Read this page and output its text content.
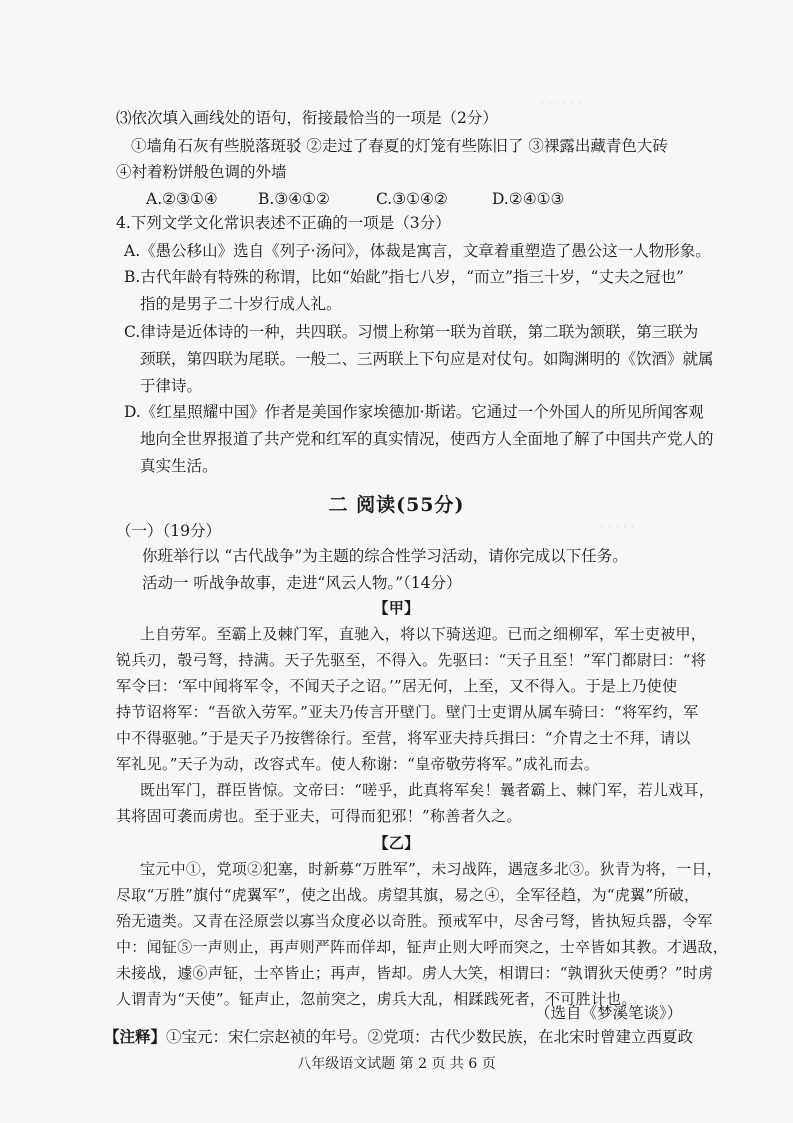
· · · · · ·
· · · · ·
⑶依次填入画线处的语句，衔接最恰当的一项是（2分）
①墙角石灰有些脱落斑驳 ②走过了春夏的灯笼有些陈旧了 ③裸露出藏青色大砖
④衬着粉饼般色调的外墙
A.②③①④	B.③④①②	C.③①④②	D.②④①③
4.下列文学文化常识表述不正确的一项是（3分）
A.《愚公移山》选自《列子·汤问》，体裁是寓言，文章着重塑造了愚公这一人物形象。
B.古代年龄有特殊的称谓，比如“始龀”指七八岁，“而立”指三十岁，“丈夫之冠也”
指的是男子二十岁行成人礼。
C.律诗是近体诗的一种，共四联。习惯上称第一联为首联，第二联为颔联，第三联为
颈联，第四联为尾联。一般二、三两联上下句应是对仗句。如陶渊明的《饮酒》就属
于律诗。
D.《红星照耀中国》作者是美国作家埃德加·斯诺。它通过一个外国人的所见所闻客观
地向全世界报道了共产党和红军的真实情况，使西方人全面地了解了中国共产党人的
真实生活。
二 阅读(55分)
（一）（19分）
你班举行以 “古代战争”为主题的综合性学习活动，请你完成以下任务。
活动一 听战争故事，走进“风云人物。”（14分）
【甲】
上自劳军。至霸上及棘门军，直驰入，将以下骑送迎。已而之细柳军，军士吏被甲，
锐兵刃，彀弓弩，持满。天子先驱至，不得入。先驱曰：“天子且至！”军门都尉曰：“将
军令曰：‘军中闻将军令，不闻天子之诏。’”居无何，上至，又不得入。于是上乃使使
持节诏将军：“吾欲入劳军。”亚夫乃传言开壁门。壁门士吏谓从属车骑曰：“将军约，军
中不得驱驰。”于是天子乃按辔徐行。至营，将军亚夫持兵揖曰：“介胄之士不拜，请以
军礼见。”天子为动，改容式车。使人称谢：“皇帝敬劳将军。”成礼而去。
既出军门，群臣皆惊。文帝曰：“嗟乎，此真将军矣！曩者霸上、棘门军，若儿戏耳，
其将固可袭而虏也。至于亚夫，可得而犯邪！”称善者久之。
【乙】
宝元中①，党项②犯塞，时新募“万胜军”，未习战阵，遇寇多北③。狄青为将，一日，
尽取“万胜”旗付“虎翼军”，使之出战。虏望其旗，易之④，全军径趋，为“虎翼”所破，
殆无遗类。又青在泾原尝以寡当众度必以奇胜。预戒军中，尽舍弓弩，皆执短兵器，令军
中：闻钲⑤一声则止，再声则严阵而佯却，钲声止则大呼而突之，士卒皆如其教。才遇敌，
未接战，遽⑥声钲，士卒皆止；再声，皆却。虏人大笑，相谓曰：“孰谓狄天使勇？”时虏
人谓青为“天使”。钲声止，忽前突之，虏兵大乱，相蹂践死者，不可胜计也。
（选自《梦溪笔谈》）
【注释】①宝元：宋仁宗赵祯的年号。②党项：古代少数民族，在北宋时曾建立西夏政
八年级语文试题 第 2 页 共 6 页
